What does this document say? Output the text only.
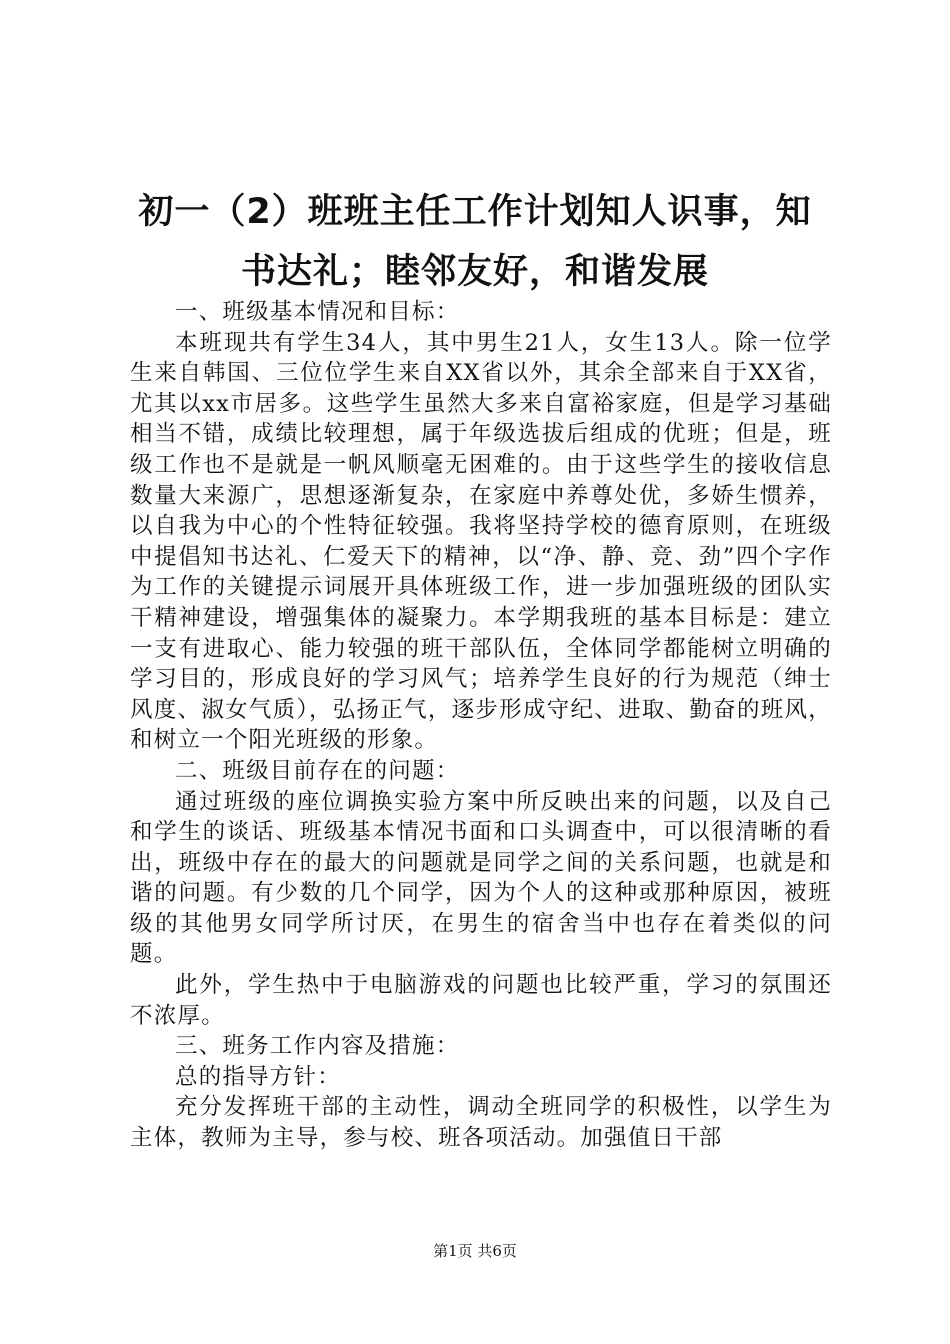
初一（2）班班主任工作计划知人识事，知书达礼；睦邻友好，和谐发展

一、班级基本情况和目标：

本班现共有学生34人，其中男生21人，女生13人。除一位学生来自韩国、三位位学生来自XX省以外，其余全部来自于XX省，尤其以xx市居多。这些学生虽然大多来自富裕家庭，但是学习基础相当不错，成绩比较理想，属于年级选拔后组成的优班；但是，班级工作也不是就是一帆风顺毫无困难的。由于这些学生的接收信息数量大来源广，思想逐渐复杂，在家庭中养尊处优，多娇生惯养，以自我为中心的个性特征较强。我将坚持学校的德育原则，在班级中提倡知书达礼、仁爱天下的精神，以“净、静、竞、劲”四个字作为工作的关键提示词展开具体班级工作，进一步加强班级的团队实干精神建设，增强集体的凝聚力。本学期我班的基本目标是：建立一支有进取心、能力较强的班干部队伍，全体同学都能树立明确的学习目的，形成良好的学习风气；培养学生良好的行为规范（绅士风度、淑女气质），弘扬正气，逐步形成守纪、进取、勤奋的班风，和树立一个阳光班级的形象。

二、班级目前存在的问题：

通过班级的座位调换实验方案中所反映出来的问题，以及自己和学生的谈话、班级基本情况书面和口头调查中，可以很清晰的看出，班级中存在的最大的问题就是同学之间的关系问题，也就是和谐的问题。有少数的几个同学，因为个人的这种或那种原因，被班级的其他男女同学所讨厌，在男生的宿舍当中也存在着类似的问题。

此外，学生热中于电脑游戏的问题也比较严重，学习的氛围还不浓厚。

三、班务工作内容及措施：

总的指导方针：

充分发挥班干部的主动性，调动全班同学的积极性，以学生为主体，教师为主导，参与校、班各项活动。加强值日干部

第1页 共6页
